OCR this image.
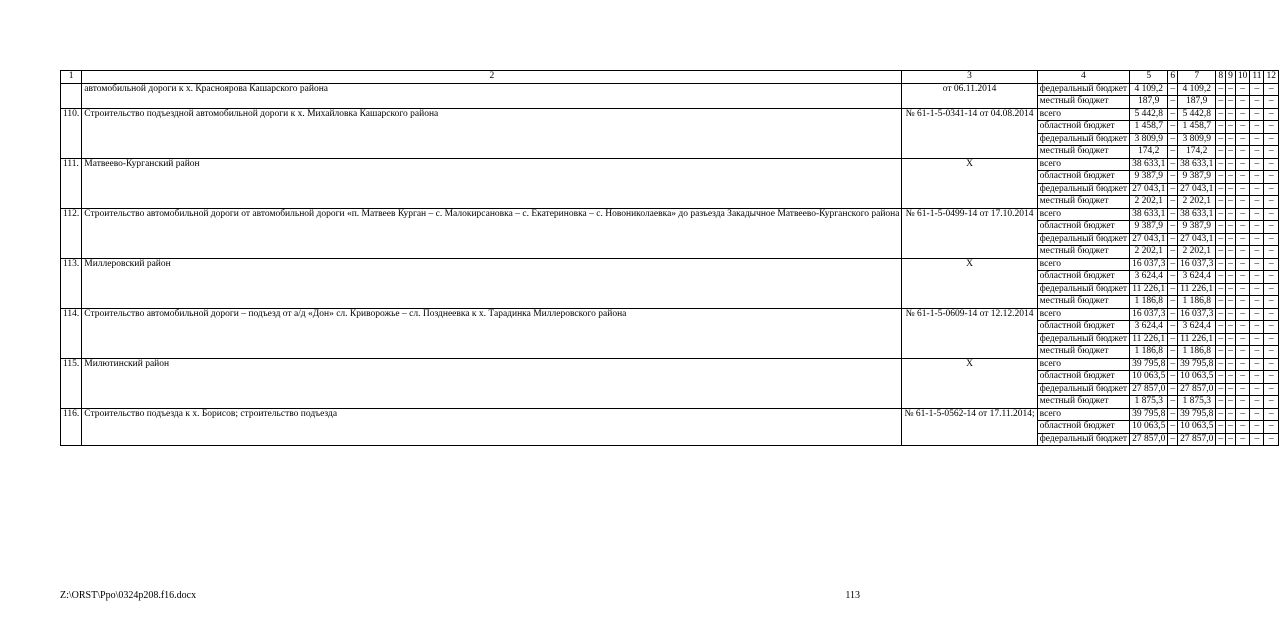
1	2	3	4	5	6	7	8	9	10	11	12
	автомобильной дороги к х. Красноярова Кашарского района	от 06.11.2014	федеральный бюджет	4 109,2	–	4 109,2	–	–	–	–	–
			местный бюджет	187,9	–	187,9	–	–	–	–	–
110.	Строительство подъездной автомобильной дороги к х. Михайловка Кашарского района	№ 61-1-5-0341-14 от 04.08.2014	всего	5 442,8	–	5 442,8	–	–	–	–	–
			областной бюджет	1 458,7	–	1 458,7	–	–	–	–	–
			федеральный бюджет	3 809,9	–	3 809,9	–	–	–	–	–
			местный бюджет	174,2	–	174,2	–	–	–	–	–
111.	Матвеево-Курганский район	Х	всего	38 633,1	–	38 633,1	–	–	–	–	–
			областной бюджет	9 387,9	–	9 387,9	–	–	–	–	–
			федеральный бюджет	27 043,1	–	27 043,1	–	–	–	–	–
			местный бюджет	2 202,1	–	2 202,1	–	–	–	–	–
112.	Строительство автомобильной дороги от автомобильной дороги «п. Матвеев Курган – с. Малокирсановка – с. Екатериновка – с. Новониколаевка» до разъезда Закадычное Матвеево-Курганского района	№ 61-1-5-0499-14 от 17.10.2014	всего	38 633,1	–	38 633,1	–	–	–	–	–
			областной бюджет	9 387,9	–	9 387,9	–	–	–	–	–
			федеральный бюджет	27 043,1	–	27 043,1	–	–	–	–	–
			местный бюджет	2 202,1	–	2 202,1	–	–	–	–	–
113.	Миллеровский район	Х	всего	16 037,3	–	16 037,3	–	–	–	–	–
			областной бюджет	3 624,4	–	3 624,4	–	–	–	–	–
			федеральный бюджет	11 226,1	–	11 226,1	–	–	–	–	–
			местный бюджет	1 186,8	–	1 186,8	–	–	–	–	–
114.	Строительство автомобильной дороги – подъезд от а/д «Дон» сл. Криворожье – сл. Позднеевка к х. Тарадинка Миллеровского района	№ 61-1-5-0609-14 от 12.12.2014	всего	16 037,3	–	16 037,3	–	–	–	–	–
			областной бюджет	3 624,4	–	3 624,4	–	–	–	–	–
			федеральный бюджет	11 226,1	–	11 226,1	–	–	–	–	–
			местный бюджет	1 186,8	–	1 186,8	–	–	–	–	–
115.	Милютинский район	Х	всего	39 795,8	–	39 795,8	–	–	–	–	–
			областной бюджет	10 063,5	–	10 063,5	–	–	–	–	–
			федеральный бюджет	27 857,0	–	27 857,0	–	–	–	–	–
			местный бюджет	1 875,3	–	1 875,3	–	–	–	–	–
116.	Строительство подъезда к х. Борисов; строительство подъезда	№ 61-1-5-0562-14 от 17.11.2014;	всего	39 795,8	–	39 795,8	–	–	–	–	–
			областной бюджет	10 063,5	–	10 063,5	–	–	–	–	–
			федеральный бюджет	27 857,0	–	27 857,0	–	–	–	–	–
Z:\ORST\Ppo\0324p208.f16.docx	113
